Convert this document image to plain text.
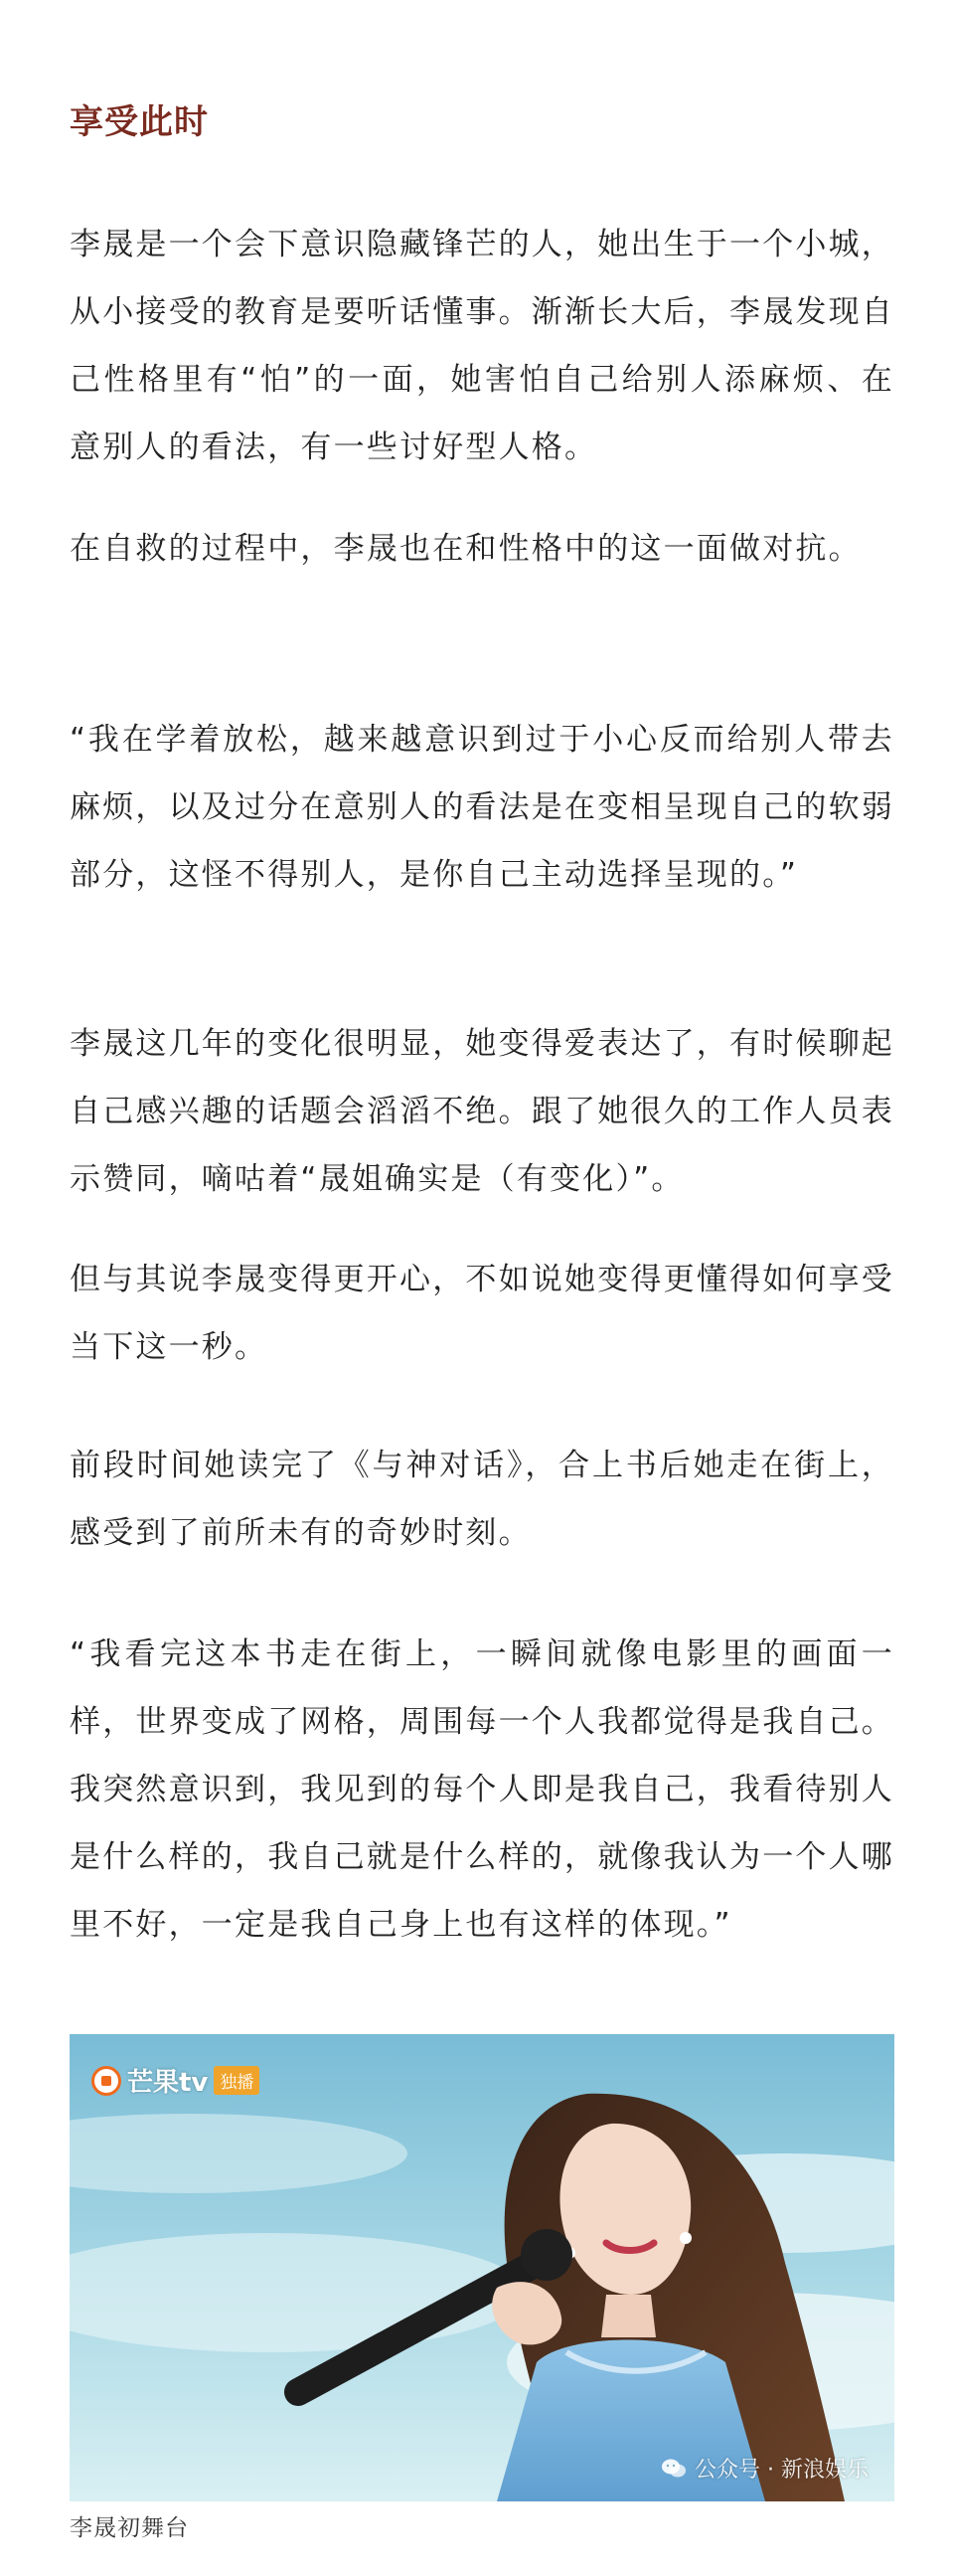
享受此时

李晟是一个会下意识隐藏锋芒的人，她出生于一个小城，从小接受的教育是要听话懂事。渐渐长大后，李晟发现自己性格里有“怕”的一面，她害怕自己给别人添麻烦、在意别人的看法，有一些讨好型人格。

在自救的过程中，李晟也在和性格中的这一面做对抗。

“我在学着放松，越来越意识到过于小心反而给别人带去麻烦，以及过分在意别人的看法是在变相呈现自己的软弱部分，这怪不得别人，是你自己主动选择呈现的。”

李晟这几年的变化很明显，她变得爱表达了，有时候聊起自己感兴趣的话题会滔滔不绝。跟了她很久的工作人员表示赞同，嘀咕着“晟姐确实是（有变化）”。

但与其说李晟变得更开心，不如说她变得更懂得如何享受当下这一秒。

前段时间她读完了《与神对话》，合上书后她走在街上，感受到了前所未有的奇妙时刻。

“我看完这本书走在街上，一瞬间就像电影里的画面一样，世界变成了网格，周围每一个人我都觉得是我自己。我突然意识到，我见到的每个人即是我自己，我看待别人是什么样的，我自己就是什么样的，就像我认为一个人哪里不好，一定是我自己身上也有这样的体现。”

芒果tv 独播
公众号 · 新浪娱乐
李晟初舞台
